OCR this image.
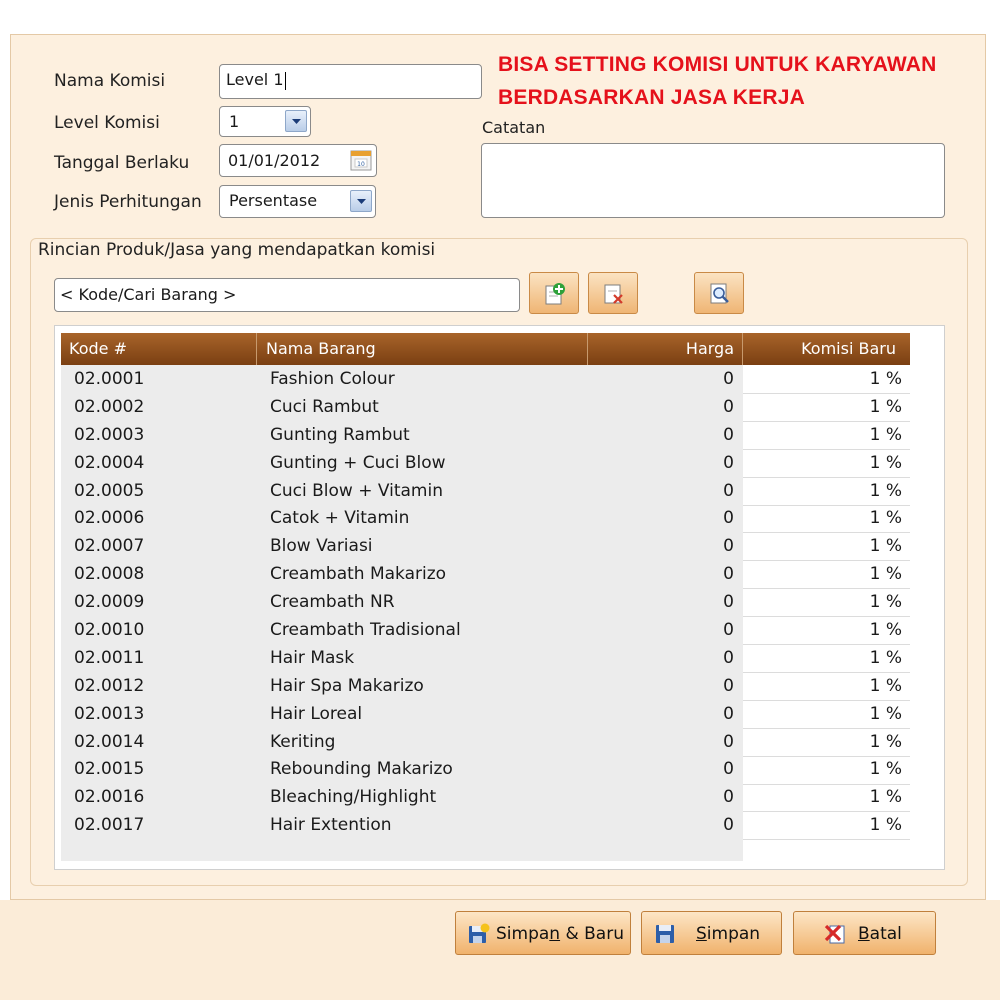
Nama Komisi	Level 1
Level Komisi	1
Tanggal Berlaku 01/01/2012	10
Jenis Perhitungan Persentase
BISA SETTING KOMISI UNTUK KARYAWAN
BERDASARKAN JASA KERJA
Catatan
Rincian Produk/Jasa yang mendapatkan komisi
< Kode/Cari Barang >
Kode #	Nama Barang	Harga	Komisi Baru
02.0001	Fashion Colour	0	1 %
02.0002	Cuci Rambut	0	1 %
02.0003	Gunting Rambut	0	1 %
02.0004	Gunting + Cuci Blow	0	1 %
02.0005	Cuci Blow + Vitamin	0	1 %
02.0006	Catok + Vitamin	0	1 %
02.0007	Blow Variasi	0	1 %
02.0008	Creambath Makarizo	0	1 %
02.0009	Creambath NR	0	1 %
02.0010	Creambath Tradisional	0	1 %
02.0011	Hair Mask	0	1 %
02.0012	Hair Spa Makarizo	0	1 %
02.0013	Hair Loreal	0	1 %
02.0014	Keriting	0	1 %
02.0015	Rebounding Makarizo	0	1 %
02.0016	Bleaching/Highlight	0	1 %
02.0017	Hair Extention	0	1 %
Simpan & Baru	Simpan	Batal
